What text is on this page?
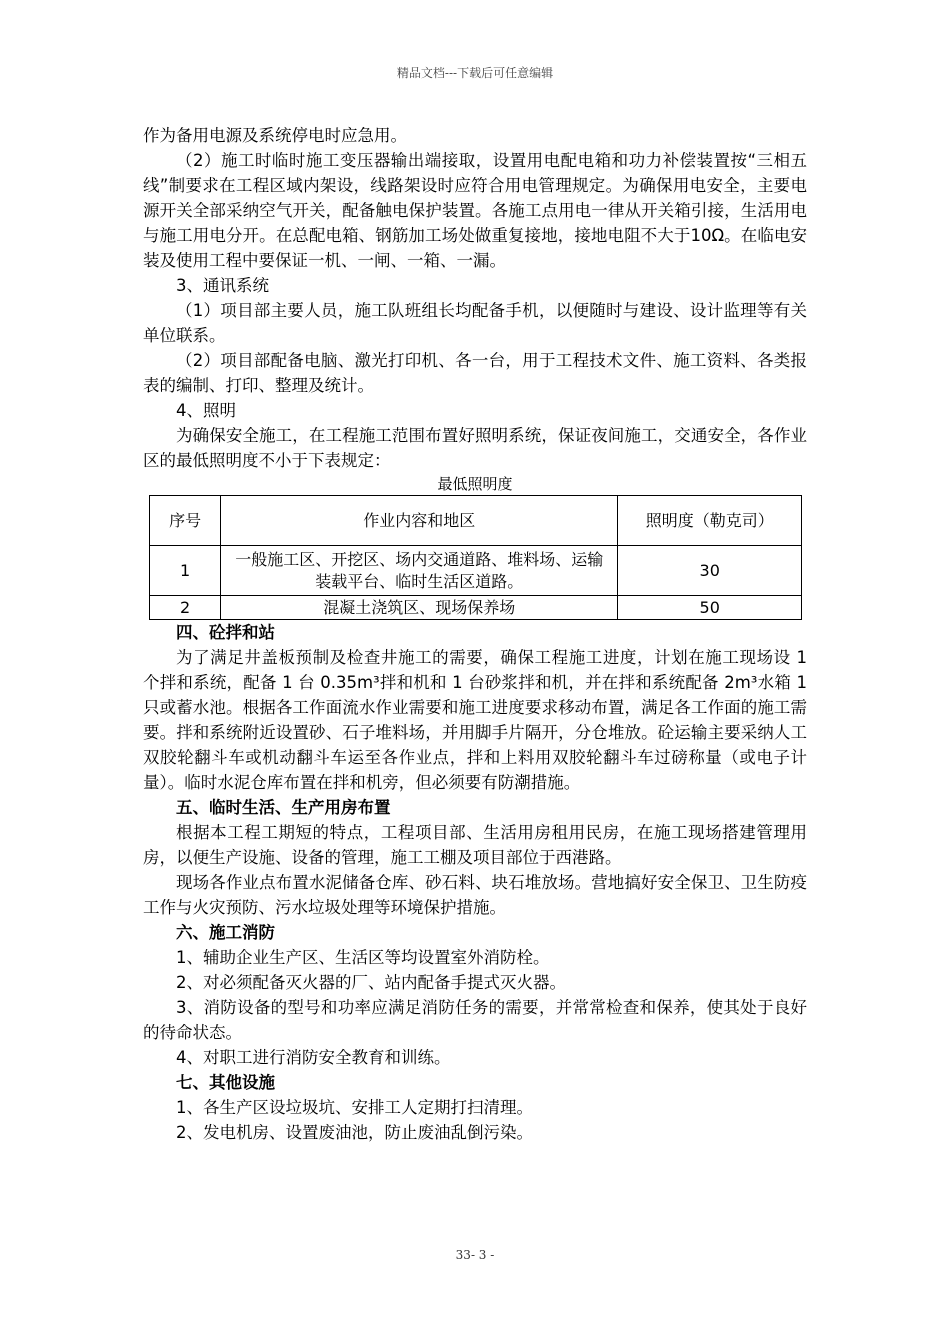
精品文档---下载后可任意编辑

作为备用电源及系统停电时应急用。

（2）施工时临时施工变压器输出端接取，设置用电配电箱和功力补偿装置按“三相五线”制要求在工程区域内架设，线路架设时应符合用电管理规定。为确保用电安全，主要电源开关全部采纳空气开关，配备触电保护装置。各施工点用电一律从开关箱引接，生活用电与施工用电分开。在总配电箱、钢筋加工场处做重复接地，接地电阻不大于10Ω。在临电安装及使用工程中要保证一机、一闸、一箱、一漏。

3、通讯系统

（1）项目部主要人员，施工队班组长均配备手机，以便随时与建设、设计监理等有关单位联系。

（2）项目部配备电脑、激光打印机、各一台，用于工程技术文件、施工资料、各类报表的编制、打印、整理及统计。

4、照明

为确保安全施工，在工程施工范围布置好照明系统，保证夜间施工，交通安全，各作业区的最低照明度不小于下表规定：

最低照明度

序号	作业内容和地区	照明度（勒克司）
1	一般施工区、开挖区、场内交通道路、堆料场、运输装载平台、临时生活区道路。	30
2	混凝土浇筑区、现场保养场	50

四、砼拌和站

为了满足井盖板预制及检查井施工的需要，确保工程施工进度，计划在施工现场设 1 个拌和系统，配备 1 台 0.35m³拌和机和 1 台砂浆拌和机，并在拌和系统配备 2m³水箱 1 只或蓄水池。根据各工作面流水作业需要和施工进度要求移动布置，满足各工作面的施工需要。拌和系统附近设置砂、石子堆料场，并用脚手片隔开，分仓堆放。砼运输主要采纳人工双胶轮翻斗车或机动翻斗车运至各作业点，拌和上料用双胶轮翻斗车过磅称量（或电子计量）。临时水泥仓库布置在拌和机旁，但必须要有防潮措施。

五、临时生活、生产用房布置

根据本工程工期短的特点，工程项目部、生活用房租用民房，在施工现场搭建管理用房，以便生产设施、设备的管理，施工工棚及项目部位于西港路。

现场各作业点布置水泥储备仓库、砂石料、块石堆放场。营地搞好安全保卫、卫生防疫工作与火灾预防、污水垃圾处理等环境保护措施。

六、施工消防

1、辅助企业生产区、生活区等均设置室外消防栓。

2、对必须配备灭火器的厂、站内配备手提式灭火器。

3、消防设备的型号和功率应满足消防任务的需要，并常常检查和保养，使其处于良好的待命状态。

4、对职工进行消防安全教育和训练。

七、其他设施

1、各生产区设垃圾坑、安排工人定期打扫清理。

2、发电机房、设置废油池，防止废油乱倒污染。

33- 3 -
